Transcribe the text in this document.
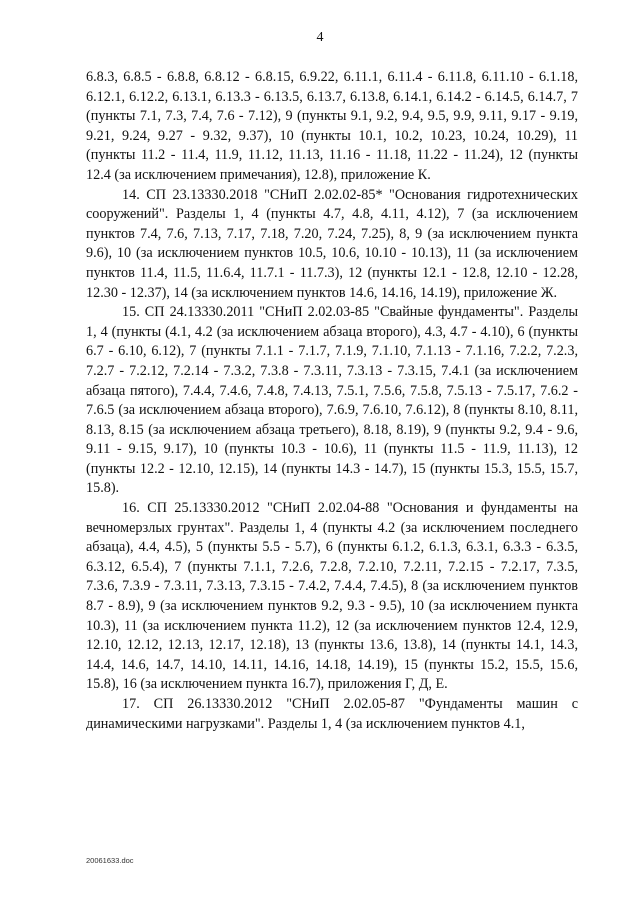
4

6.8.3, 6.8.5 - 6.8.8, 6.8.12 - 6.8.15, 6.9.22, 6.11.1, 6.11.4 - 6.11.8, 6.11.10 - 6.1.18, 6.12.1, 6.12.2, 6.13.1, 6.13.3 - 6.13.5, 6.13.7, 6.13.8, 6.14.1, 6.14.2 - 6.14.5, 6.14.7, 7 (пункты 7.1, 7.3, 7.4, 7.6 - 7.12), 9 (пункты 9.1, 9.2, 9.4, 9.5, 9.9, 9.11, 9.17 - 9.19, 9.21, 9.24, 9.27 - 9.32, 9.37), 10 (пункты 10.1, 10.2, 10.23, 10.24, 10.29), 11 (пункты 11.2 - 11.4, 11.9, 11.12, 11.13, 11.16 - 11.18, 11.22 - 11.24), 12 (пункты 12.4 (за исключением примечания), 12.8), приложение К.

14. СП 23.13330.2018 "СНиП 2.02.02-85* "Основания гидротехнических сооружений". Разделы 1, 4 (пункты 4.7, 4.8, 4.11, 4.12), 7 (за исключением пунктов 7.4, 7.6, 7.13, 7.17, 7.18, 7.20, 7.24, 7.25), 8, 9 (за исключением пункта 9.6), 10 (за исключением пунктов 10.5, 10.6, 10.10 - 10.13), 11 (за исключением пунктов 11.4, 11.5, 11.6.4, 11.7.1 - 11.7.3), 12 (пункты 12.1 - 12.8, 12.10 - 12.28, 12.30 - 12.37), 14 (за исключением пунктов 14.6, 14.16, 14.19), приложение Ж.

15. СП 24.13330.2011 "СНиП 2.02.03-85 "Свайные фундаменты". Разделы 1, 4 (пункты (4.1, 4.2 (за исключением абзаца второго), 4.3, 4.7 - 4.10), 6 (пункты 6.7 - 6.10, 6.12), 7 (пункты 7.1.1 - 7.1.7, 7.1.9, 7.1.10, 7.1.13 - 7.1.16, 7.2.2, 7.2.3, 7.2.7 - 7.2.12, 7.2.14 - 7.3.2, 7.3.8 - 7.3.11, 7.3.13 - 7.3.15, 7.4.1 (за исключением абзаца пятого), 7.4.4, 7.4.6, 7.4.8, 7.4.13, 7.5.1, 7.5.6, 7.5.8, 7.5.13 - 7.5.17, 7.6.2 - 7.6.5 (за исключением абзаца второго), 7.6.9, 7.6.10, 7.6.12), 8 (пункты 8.10, 8.11, 8.13, 8.15 (за исключением абзаца третьего), 8.18, 8.19), 9 (пункты 9.2, 9.4 - 9.6, 9.11 - 9.15, 9.17), 10 (пункты 10.3 - 10.6), 11 (пункты 11.5 - 11.9, 11.13), 12 (пункты 12.2 - 12.10, 12.15), 14 (пункты 14.3 - 14.7), 15 (пункты 15.3, 15.5, 15.7, 15.8).

16. СП 25.13330.2012 "СНиП 2.02.04-88 "Основания и фундаменты на вечномерзлых грунтах". Разделы 1, 4 (пункты 4.2 (за исключением последнего абзаца), 4.4, 4.5), 5 (пункты 5.5 - 5.7), 6 (пункты 6.1.2, 6.1.3, 6.3.1, 6.3.3 - 6.3.5, 6.3.12, 6.5.4), 7 (пункты 7.1.1, 7.2.6, 7.2.8, 7.2.10, 7.2.11, 7.2.15 - 7.2.17, 7.3.5, 7.3.6, 7.3.9 - 7.3.11, 7.3.13, 7.3.15 - 7.4.2, 7.4.4, 7.4.5), 8 (за исключением пунктов 8.7 - 8.9), 9 (за исключением пунктов 9.2, 9.3 - 9.5), 10 (за исключением пункта 10.3), 11 (за исключением пункта 11.2), 12 (за исключением пунктов 12.4, 12.9, 12.10, 12.12, 12.13, 12.17, 12.18), 13 (пункты 13.6, 13.8), 14 (пункты 14.1, 14.3, 14.4, 14.6, 14.7, 14.10, 14.11, 14.16, 14.18, 14.19), 15 (пункты 15.2, 15.5, 15.6, 15.8), 16 (за исключением пункта 16.7), приложения Г, Д, Е.

17. СП 26.13330.2012 "СНиП 2.02.05-87 "Фундаменты машин с динамическими нагрузками". Разделы 1, 4 (за исключением пунктов 4.1,

20061633.doc
